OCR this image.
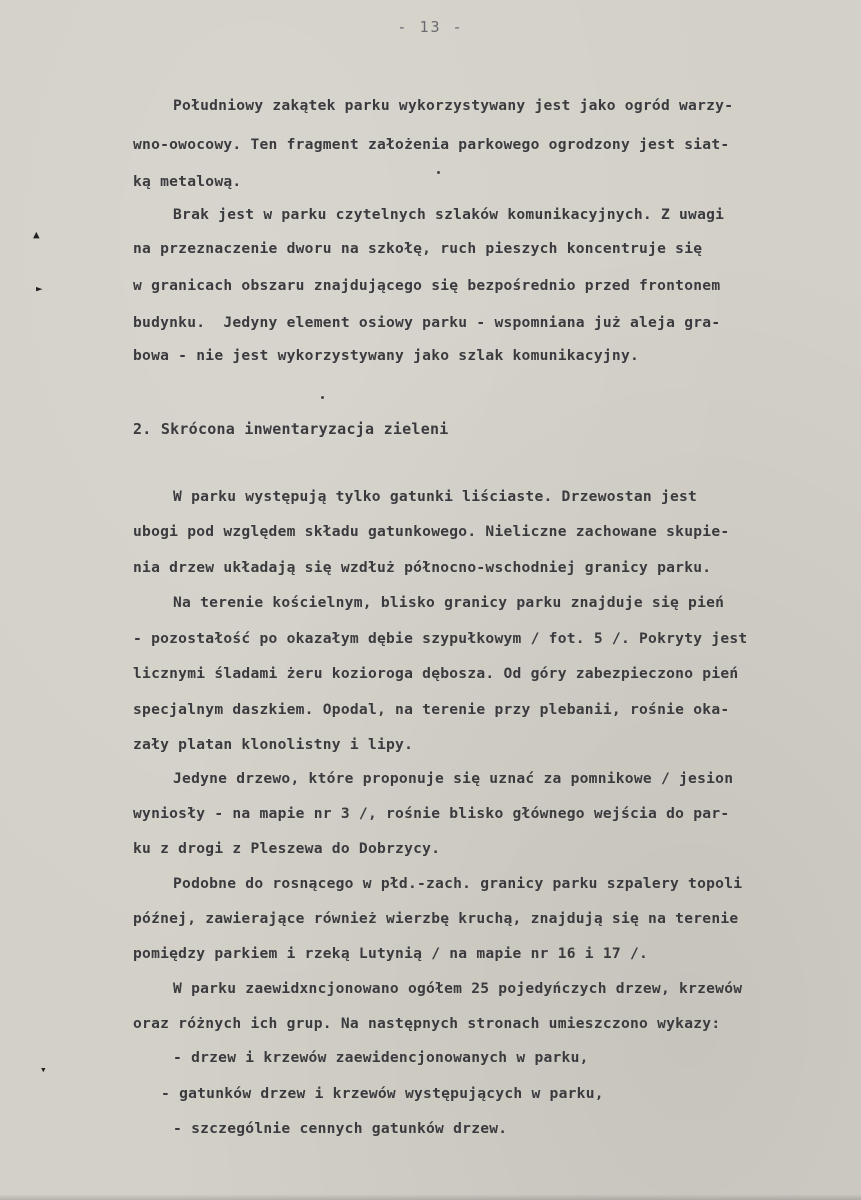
- 13 -
Południowy zakątek parku wykorzystywany jest jako ogród warzy-
wno-owocowy. Ten fragment założenia parkowego ogrodzony jest siat-
ką metalową.
Brak jest w parku czytelnych szlaków komunikacyjnych. Z uwagi
na przeznaczenie dworu na szkołę, ruch pieszych koncentruje się
w granicach obszaru znajdującego się bezpośrednio przed frontonem
budynku.  Jedyny element osiowy parku - wspomniana już aleja gra-
bowa - nie jest wykorzystywany jako szlak komunikacyjny.
2. Skrócona inwentaryzacja zieleni
W parku występują tylko gatunki liściaste. Drzewostan jest
ubogi pod względem składu gatunkowego. Nieliczne zachowane skupie-
nia drzew układają się wzdłuż północno-wschodniej granicy parku.
Na terenie kościelnym, blisko granicy parku znajduje się pień
- pozostałość po okazałym dębie szypułkowym / fot. 5 /. Pokryty jest
licznymi śladami żeru kozioroga dębosza. Od góry zabezpieczono pień
specjalnym daszkiem. Opodal, na terenie przy plebanii, rośnie oka-
zały platan klonolistny i lipy.
Jedyne drzewo, które proponuje się uznać za pomnikowe / jesion
wyniosły - na mapie nr 3 /, rośnie blisko głównego wejścia do par-
ku z drogi z Pleszewa do Dobrzycy.
Podobne do rosnącego w płd.-zach. granicy parku szpalery topoli
późnej, zawierające również wierzbę kruchą, znajdują się na terenie
pomiędzy parkiem i rzeką Lutynią / na mapie nr 16 i 17 /.
W parku zaewidxncjonowano ogółem 25 pojedyńczych drzew, krzewów
oraz różnych ich grup. Na następnych stronach umieszczono wykazy:
- drzew i krzewów zaewidencjonowanych w parku,
- gatunków drzew i krzewów występujących w parku,
- szczególnie cennych gatunków drzew.
▲
►
▾
